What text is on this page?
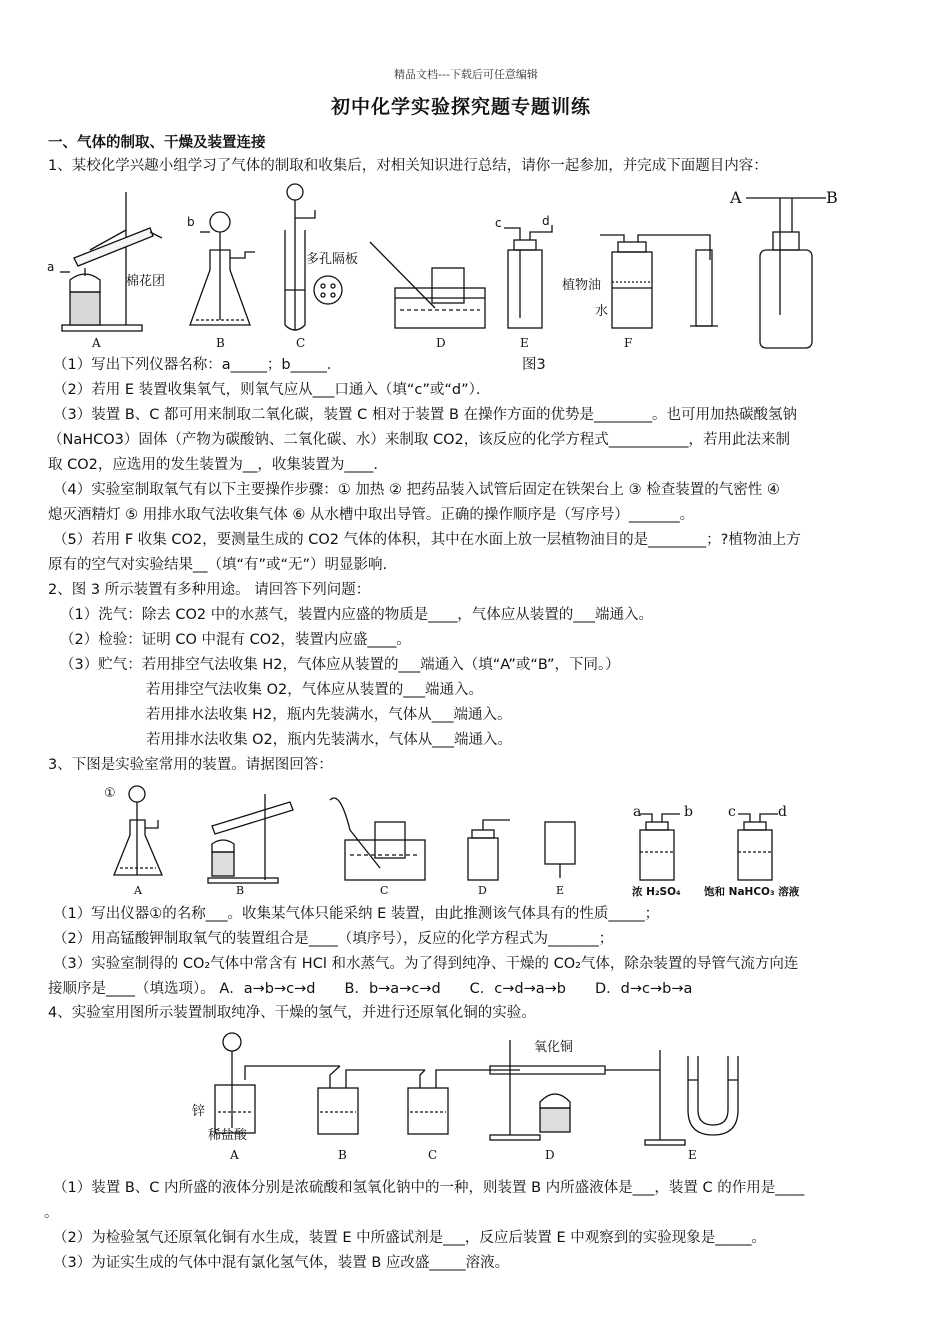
精品文档---下载后可任意编辑
初中化学实验探究题专题训练
一、气体的制取、干燥及装置连接
1、某校化学兴趣小组学习了气体的制取和收集后，对相关知识进行总结，请你一起参加，并完成下面题目内容：
A	B	C	D	E	F
a
b
棉花团
多孔隔板
c	d
植物油
水
A	B
（1）写出下列仪器名称：a_____；b_____．	图3
（2）若用 E 装置收集氧气，则氧气应从___口通入（填“c”或“d”）．
（3）装置 B、C 都可用来制取二氧化碳，装置 C 相对于装置 B 在操作方面的优势是________。也可用加热碳酸氢钠
（NaHCO3）固体（产物为碳酸钠、二氧化碳、水）来制取 CO2，该反应的化学方程式___________，若用此法来制
取 CO2，应选用的发生装置为__，收集装置为____.
（4）实验室制取氧气有以下主要操作步骤：① 加热 ② 把药品装入试管后固定在铁架台上 ③ 检查装置的气密性 ④
熄灭酒精灯 ⑤ 用排水取气法收集气体 ⑥ 从水槽中取出导管。正确的操作顺序是（写序号）_______。
（5）若用 F 收集 CO2，要测量生成的 CO2 气体的体积，其中在水面上放一层植物油目的是________；?植物油上方
原有的空气对实验结果__（填“有”或“无”）明显影响.
2、图 3 所示装置有多种用途。 请回答下列问题：
（1）洗气：除去 CO2 中的水蒸气，装置内应盛的物质是____，气体应从装置的___端通入。
（2）检验：证明 CO 中混有 CO2，装置内应盛____。
（3）贮气：若用排空气法收集 H2，气体应从装置的___端通入（填“A”或“B”，下同。）
若用排空气法收集 O2，气体应从装置的___端通入。
若用排水法收集 H2，瓶内先装满水，气体从___端通入。
若用排水法收集 O2，瓶内先装满水，气体从___端通入。
3、下图是实验室常用的装置。请据图回答：
①
A	B	C	D	E
a	b	c	d
浓 H₂SO₄ 饱和 NaHCO₃ 溶液
（1）写出仪器①的名称___。收集某气体只能采纳 E 装置，由此推测该气体具有的性质_____；
（2）用高锰酸钾制取氧气的装置组合是____（填序号），反应的化学方程式为_______；
（3）实验室制得的 CO₂气体中常含有 HCl 和水蒸气。为了得到纯净、干燥的 CO₂气体，除杂装置的导管气流方向连
接顺序是____（填选项）。 A．a→b→c→d　　B．b→a→c→d　　C．c→d→a→b　　D．d→c→b→a
4、实验室用图所示装置制取纯净、干燥的氢气，并进行还原氧化铜的实验。
锌
稀盐酸
氧化铜
A	B	C	D	E
（1）装置 B、C 内所盛的液体分别是浓硫酸和氢氧化钠中的一种，则装置 B 内所盛液体是___，装置 C 的作用是____
。
（2）为检验氢气还原氧化铜有水生成，装置 E 中所盛试剂是___，反应后装置 E 中观察到的实验现象是_____。
（3）为证实生成的气体中混有氯化氢气体，装置 B 应改盛_____溶液。
